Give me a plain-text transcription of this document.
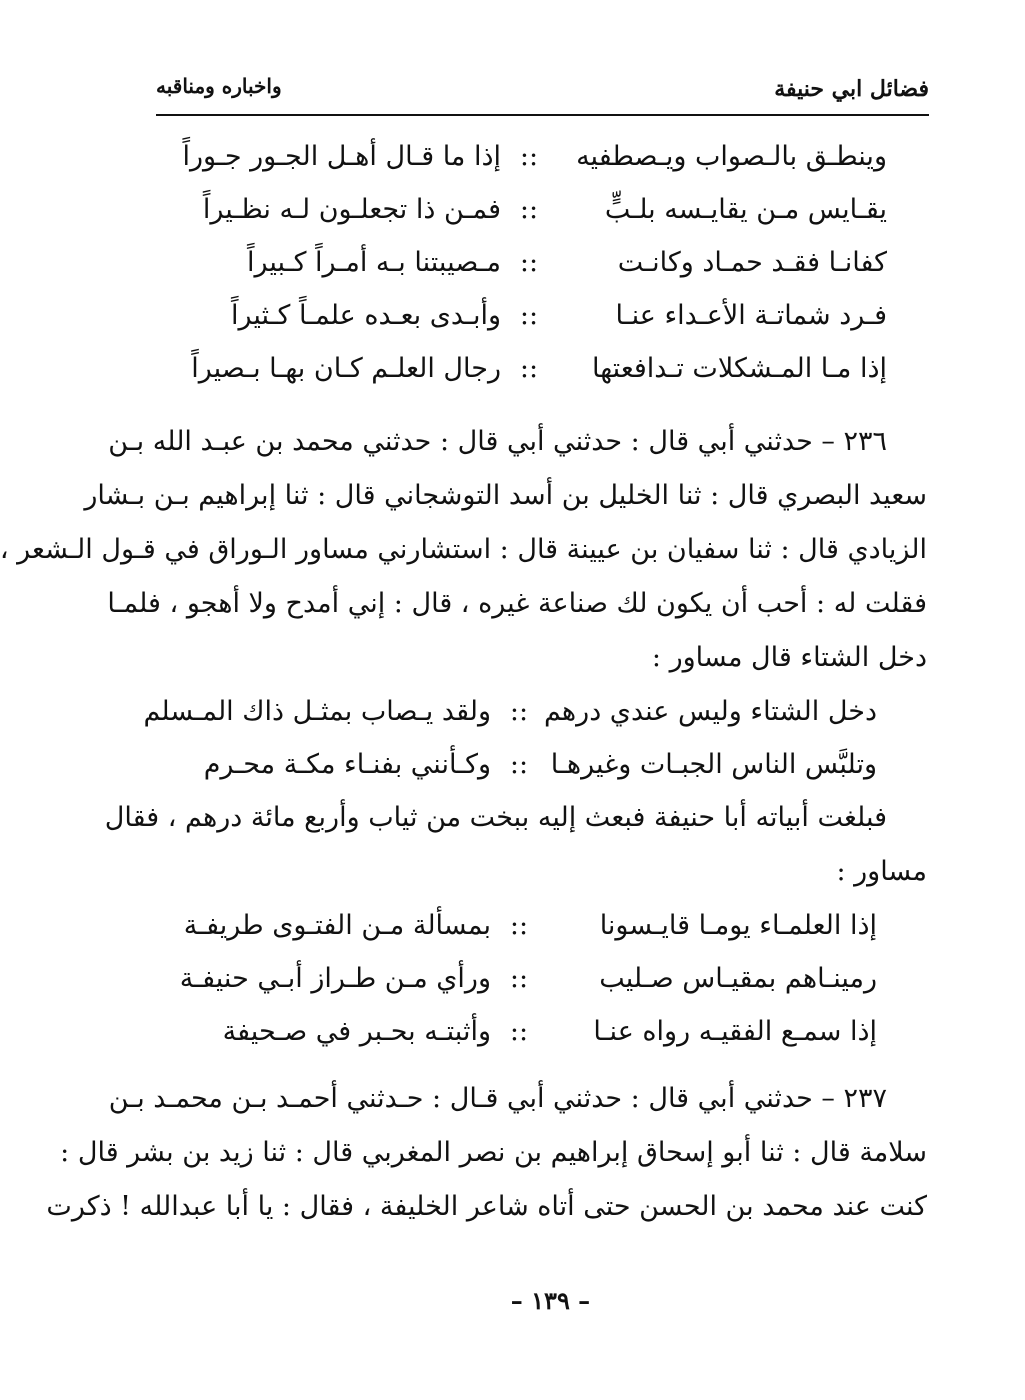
فضائل ابي حنيفة
واخباره ومناقبه
وينطـق بالـصواب ويـصطفيه
::
إذا ما قـال أهـل الجـور جـوراً
يقـايس مـن يقايـسه بلـبٍّ
::
فمـن ذا تجعلـون لـه نظـيراً
كفانـا فقـد حمـاد وكانـت
::
مـصيبتنا بـه أمـراً كـبيراً
فـرد شماتـة الأعـداء عنـا
::
وأبـدى بعـده علمـاً كـثيراً
إذا مـا المـشكلات تـدافعتها
::
رجال العلـم كـان بهـا بـصيراً

٢٣٦ – حدثني أبي قال : حدثني أبي قال : حدثني محمد بن عبـد الله بـن
سعيد البصري قال : ثنا الخليل بن أسد التوشجاني قال : ثنا إبراهيم بـن بـشار
الزيادي قال : ثنا سفيان بن عيينة قال : استشارني مساور الـوراق في قـول الـشعر ،
فقلت له : أحب أن يكون لك صناعة غيره ، قال : إني أمدح ولا أهجو ، فلمـا
دخل الشتاء قال مساور :

دخل الشتاء وليس عندي درهم
::
ولقد يـصاب بمثـل ذاك المـسلم
وتلبَّس الناس الجبـات وغيرهـا
::
وكـأنني بفنـاء مكـة محـرم

فبلغت أبياته أبا حنيفة فبعث إليه ببخت من ثياب وأربع مائة درهم ، فقال
مساور :

إذا العلمـاء يومـا قايـسونا
::
بمسألة مـن الفتـوى طريفـة
رمينـاهم بمقيـاس صـليب
::
ورأي مـن طـراز أبـي حنيفـة
إذا سمـع الفقيـه رواه عنـا
::
وأثبتـه بحـبر في صـحيفة

٢٣٧ – حدثني أبي قال : حدثني أبي قـال : حـدثني أحمـد بـن محمـد بـن
سلامة قال : ثنا أبو إسحاق إبراهيم بن نصر المغربي قال : ثنا زيد بن بشر قال :
كنت عند محمد بن الحسن حتى أتاه شاعر الخليفة ، فقال : يا أبا عبدالله ! ذكرت

– ١٣٩ –
